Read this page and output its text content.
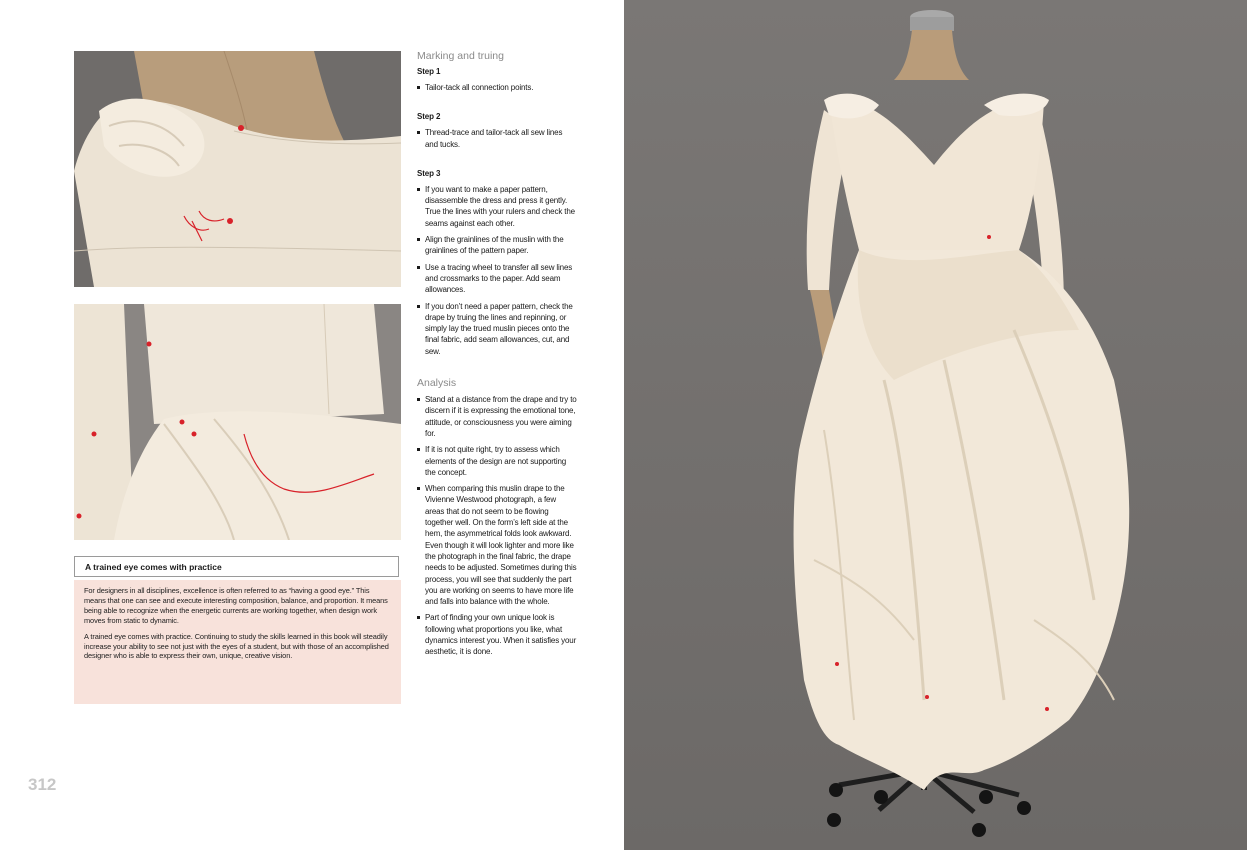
Marking and truing
Step 1
Tailor-tack all connection points.
Step 2
Thread-trace and tailor-tack all sew lines and tucks.
Step 3
If you want to make a paper pattern, disassemble the dress and press it gently. True the lines with your rulers and check the seams against each other.
Align the grainlines of the muslin with the grainlines of the pattern paper.
Use a tracing wheel to transfer all sew lines and crossmarks to the paper. Add seam allowances.
If you don’t need a paper pattern, check the drape by truing the lines and repinning, or simply lay the trued muslin pieces onto the final fabric, add seam allowances, cut, and sew.
Analysis
Stand at a distance from the drape and try to discern if it is expressing the emotional tone, attitude, or consciousness you were aiming for.
If it is not quite right, try to assess which elements of the design are not supporting the concept.
When comparing this muslin drape to the Vivienne Westwood photograph, a few areas that do not seem to be flowing together well. On the form’s left side at the hem, the asymmetrical folds look awkward. Even though it will look lighter and more like the photograph in the final fabric, the drape needs to be adjusted. Sometimes during this process, you will see that suddenly the part you are working on seems to have more life and falls into balance with the whole.
Part of finding your own unique look is following what proportions you like, what dynamics interest you. When it satisfies your aesthetic, it is done.
A trained eye comes with practice

For designers in all disciplines, excellence is often referred to as “having a good eye.” This means that one can see and execute interesting composition, balance, and proportion. It means being able to recognize when the energetic currents are working together, when design work moves from static to dynamic.

A trained eye comes with practice. Continuing to study the skills learned in this book will steadily increase your ability to see not just with the eyes of a student, but with those of an accomplished designer who is able to express their own, unique, creative vision.

312
